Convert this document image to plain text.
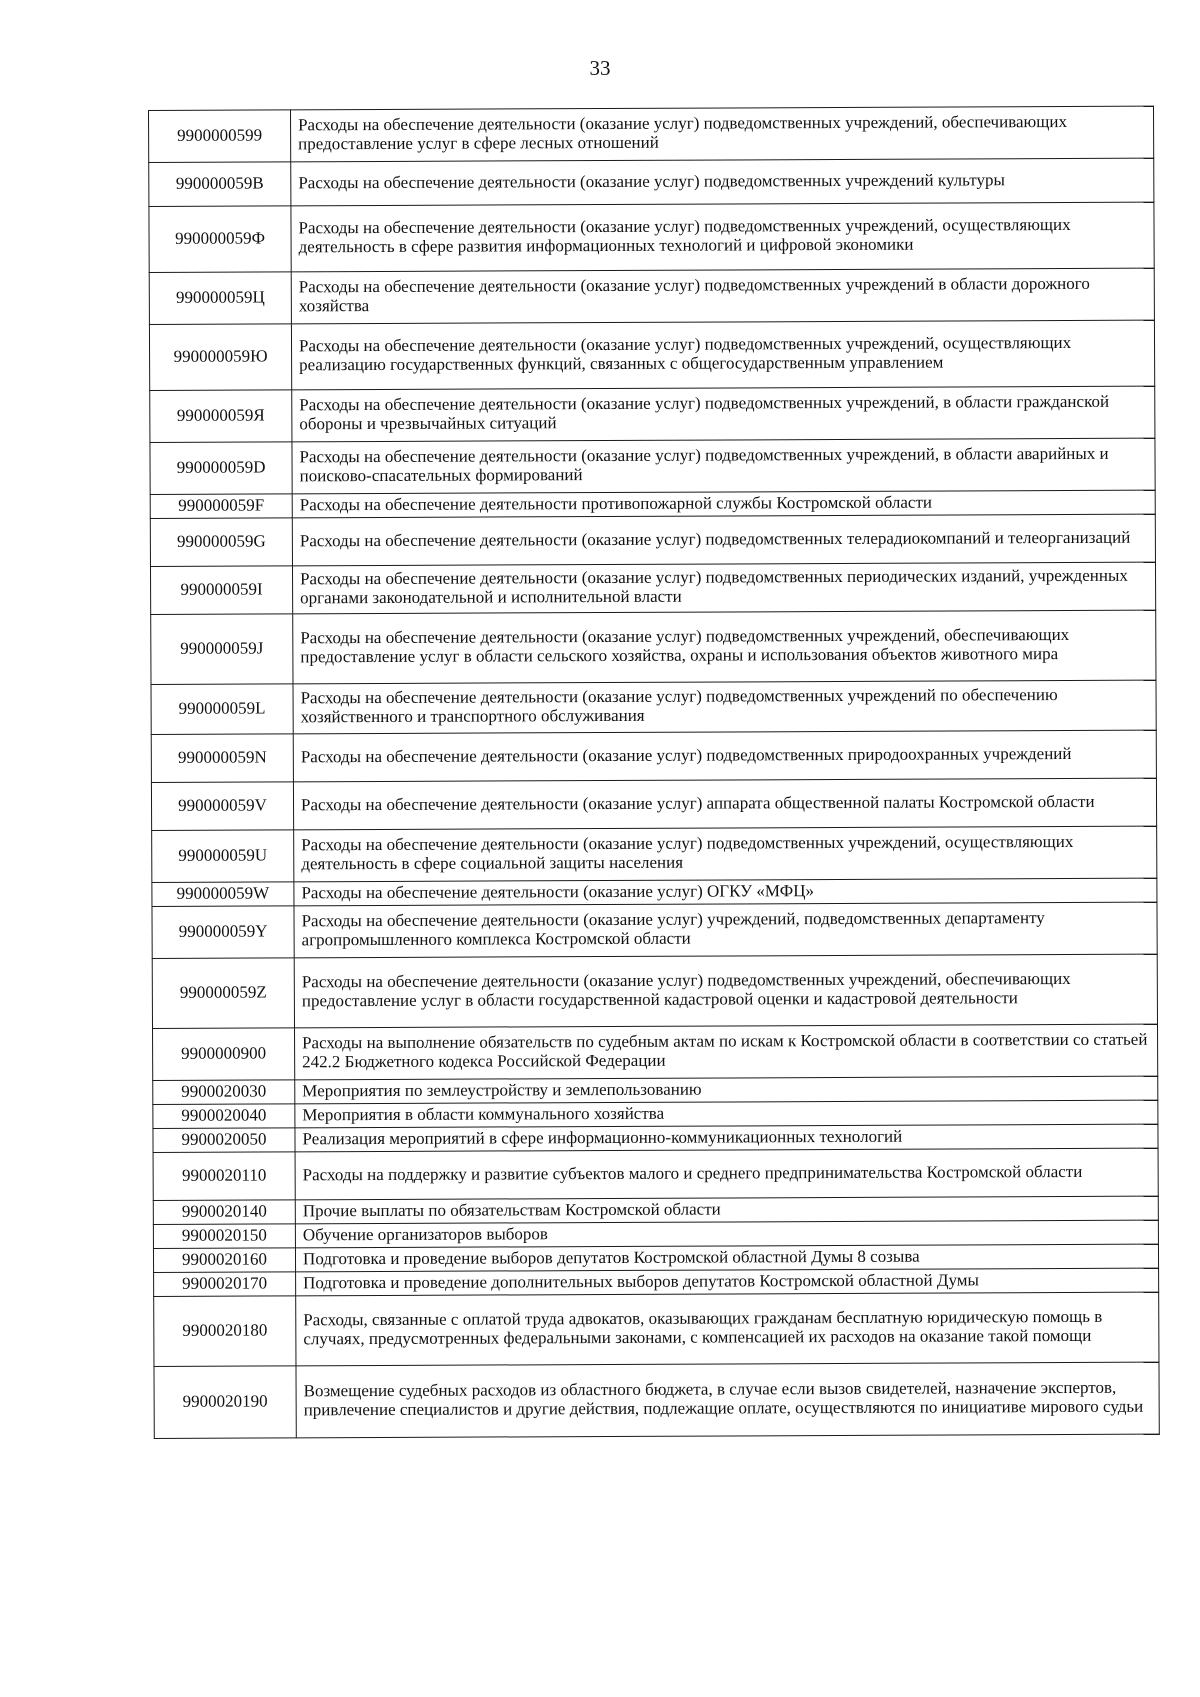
33
9900000599	Расходы на обеспечение деятельности (оказание услуг) подведомственных учреждений, обеспечивающих предоставление услуг в сфере лесных отношений
990000059B	Расходы на обеспечение деятельности (оказание услуг) подведомственных учреждений культуры
990000059Ф	Расходы на обеспечение деятельности (оказание услуг) подведомственных учреждений, осуществляющих деятельность в сфере развития информационных технологий и цифровой экономики
990000059Ц	Расходы на обеспечение деятельности (оказание услуг) подведомственных учреждений в области дорожного хозяйства
990000059Ю	Расходы на обеспечение деятельности (оказание услуг) подведомственных учреждений, осуществляющих реализацию государственных функций, связанных с общегосударственным управлением
990000059Я	Расходы на обеспечение деятельности (оказание услуг) подведомственных учреждений, в области гражданской обороны и чрезвычайных ситуаций
990000059D	Расходы на обеспечение деятельности (оказание услуг) подведомственных учреждений, в области аварийных и поисково-спасательных формирований
990000059F	Расходы на обеспечение деятельности противопожарной службы Костромской области
990000059G	Расходы на обеспечение деятельности (оказание услуг) подведомственных телерадиокомпаний и телеорганизаций
990000059I	Расходы на обеспечение деятельности (оказание услуг) подведомственных периодических изданий, учрежденных органами законодательной и исполнительной власти
990000059J	Расходы на обеспечение деятельности (оказание услуг) подведомственных учреждений, обеспечивающих предоставление услуг в области сельского хозяйства, охраны и использования объектов животного мира
990000059L	Расходы на обеспечение деятельности (оказание услуг) подведомственных учреждений по обеспечению хозяйственного и транспортного обслуживания
990000059N	Расходы на обеспечение деятельности (оказание услуг) подведомственных природоохранных учреждений
990000059V	Расходы на обеспечение деятельности (оказание услуг) аппарата общественной палаты Костромской области
990000059U	Расходы на обеспечение деятельности (оказание услуг) подведомственных учреждений, осуществляющих деятельность в сфере социальной защиты населения
990000059W	Расходы на обеспечение деятельности (оказание услуг) ОГКУ «МФЦ»
990000059Y	Расходы на обеспечение деятельности (оказание услуг) учреждений, подведомственных департаменту агропромышленного комплекса Костромской области
990000059Z	Расходы на обеспечение деятельности (оказание услуг) подведомственных учреждений, обеспечивающих предоставление услуг в области государственной кадастровой оценки и кадастровой деятельности
9900000900	Расходы на выполнение обязательств по судебным актам по искам к Костромской области в соответствии со статьей 242.2 Бюджетного кодекса Российской Федерации
9900020030	Мероприятия по землеустройству и землепользованию
9900020040	Мероприятия в области коммунального хозяйства
9900020050	Реализация мероприятий в сфере информационно-коммуникационных технологий
9900020110	Расходы на поддержку и развитие субъектов малого и среднего предпринимательства Костромской области
9900020140	Прочие выплаты по обязательствам Костромской области
9900020150	Обучение организаторов выборов
9900020160	Подготовка и проведение выборов депутатов Костромской областной Думы 8 созыва
9900020170	Подготовка и проведение дополнительных выборов депутатов Костромской областной Думы
9900020180	Расходы, связанные с оплатой труда адвокатов, оказывающих гражданам бесплатную юридическую помощь в случаях, предусмотренных федеральными законами, с компенсацией их расходов на оказание такой помощи
9900020190	Возмещение судебных расходов из областного бюджета, в случае если вызов свидетелей, назначение экспертов, привлечение специалистов и другие действия, подлежащие оплате, осуществляются по инициативе мирового судьи
